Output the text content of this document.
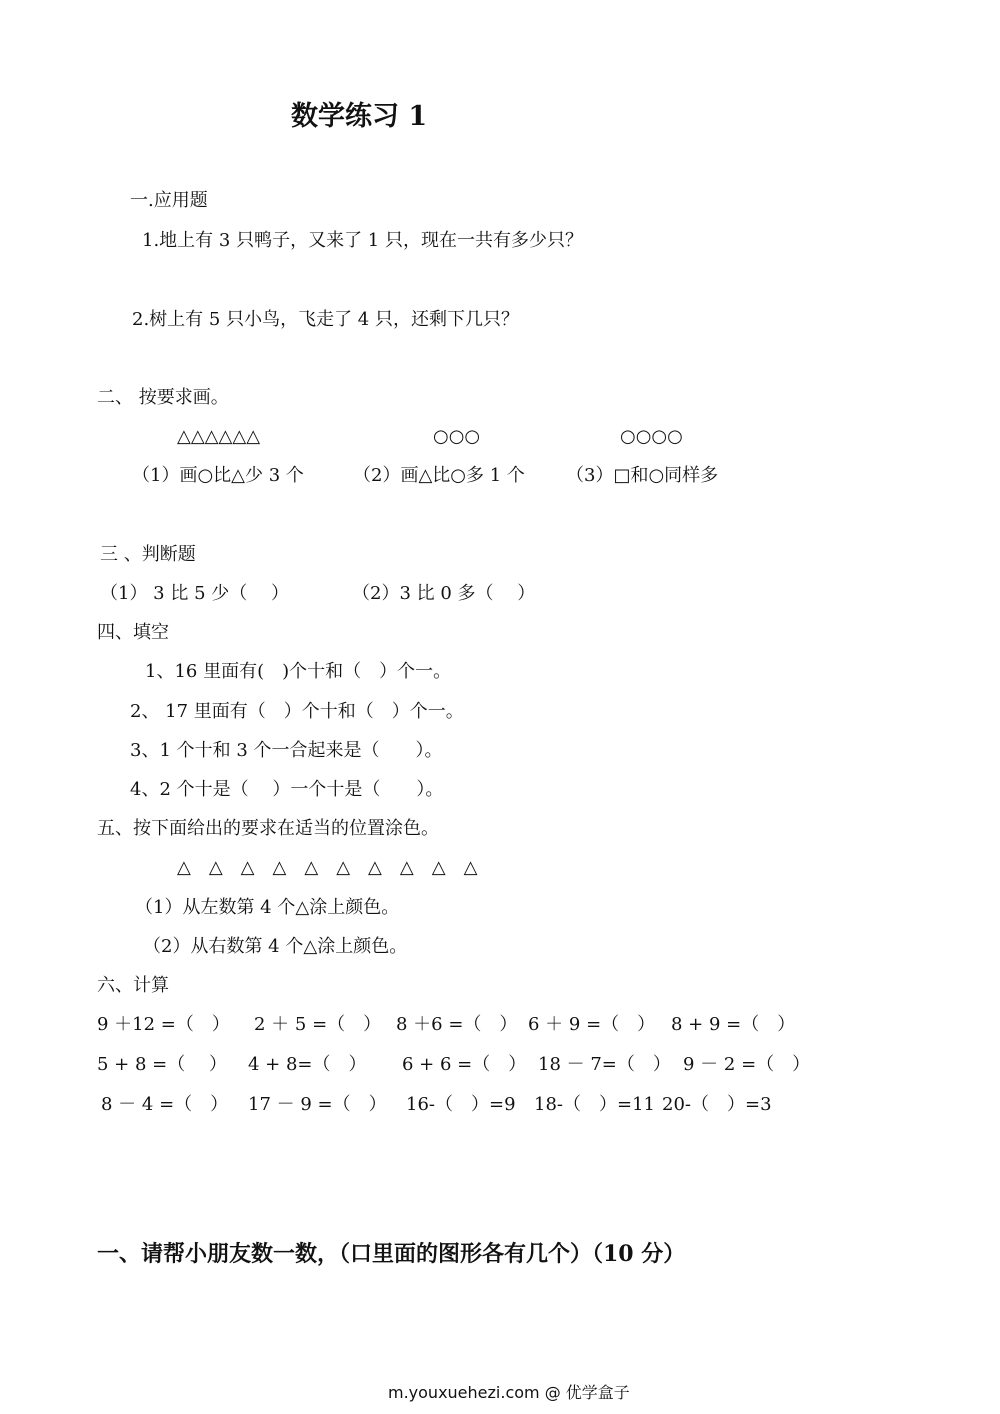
数学练习 1
一.应用题
1.地上有 3 只鸭子，又来了 1 只，现在一共有多少只？
2.树上有 5 只小鸟，飞走了 4 只，还剩下几只？
二、 按要求画。
△△△△△△	○○○	○○○○
（1）画○比△少 3 个	（2）画△比○多 1 个 （3）□和○同样多
三 、判断题
（1） 3 比 5 少（　 ）	（2）3 比 0 多（　 ）
四、填空
1、16 里面有(　)个十和（　）个一。
2、 17 里面有（　）个十和（　）个一。
3、1 个十和 3 个一合起来是（　　）。
4、2 个十是（　 ）一个十是（　　）。
五、按下面给出的要求在适当的位置涂色。
△　△　△　△　△　△　△　△　△　△
（1）从左数第 4 个△涂上颜色。
（2）从右数第 4 个△涂上颜色。
六、计算
9 ＋12 =（　） 2 ＋ 5 =（　） 8 ＋6 =（　） 6 ＋ 9 =（　） 8 + 9 =（　）
5 + 8 =（　 ） 4 + 8=（　） 6 + 6 =（　） 18 － 7=（　） 9 － 2 =（　）
8 － 4 =（　） 17 － 9 =（　） 16-（　）=9 18-（　）=11 20-（　）=3
一、请帮小朋友数一数，（口里面的图形各有几个）（10 分）
m.youxuehezi.com @ 优学盒子
